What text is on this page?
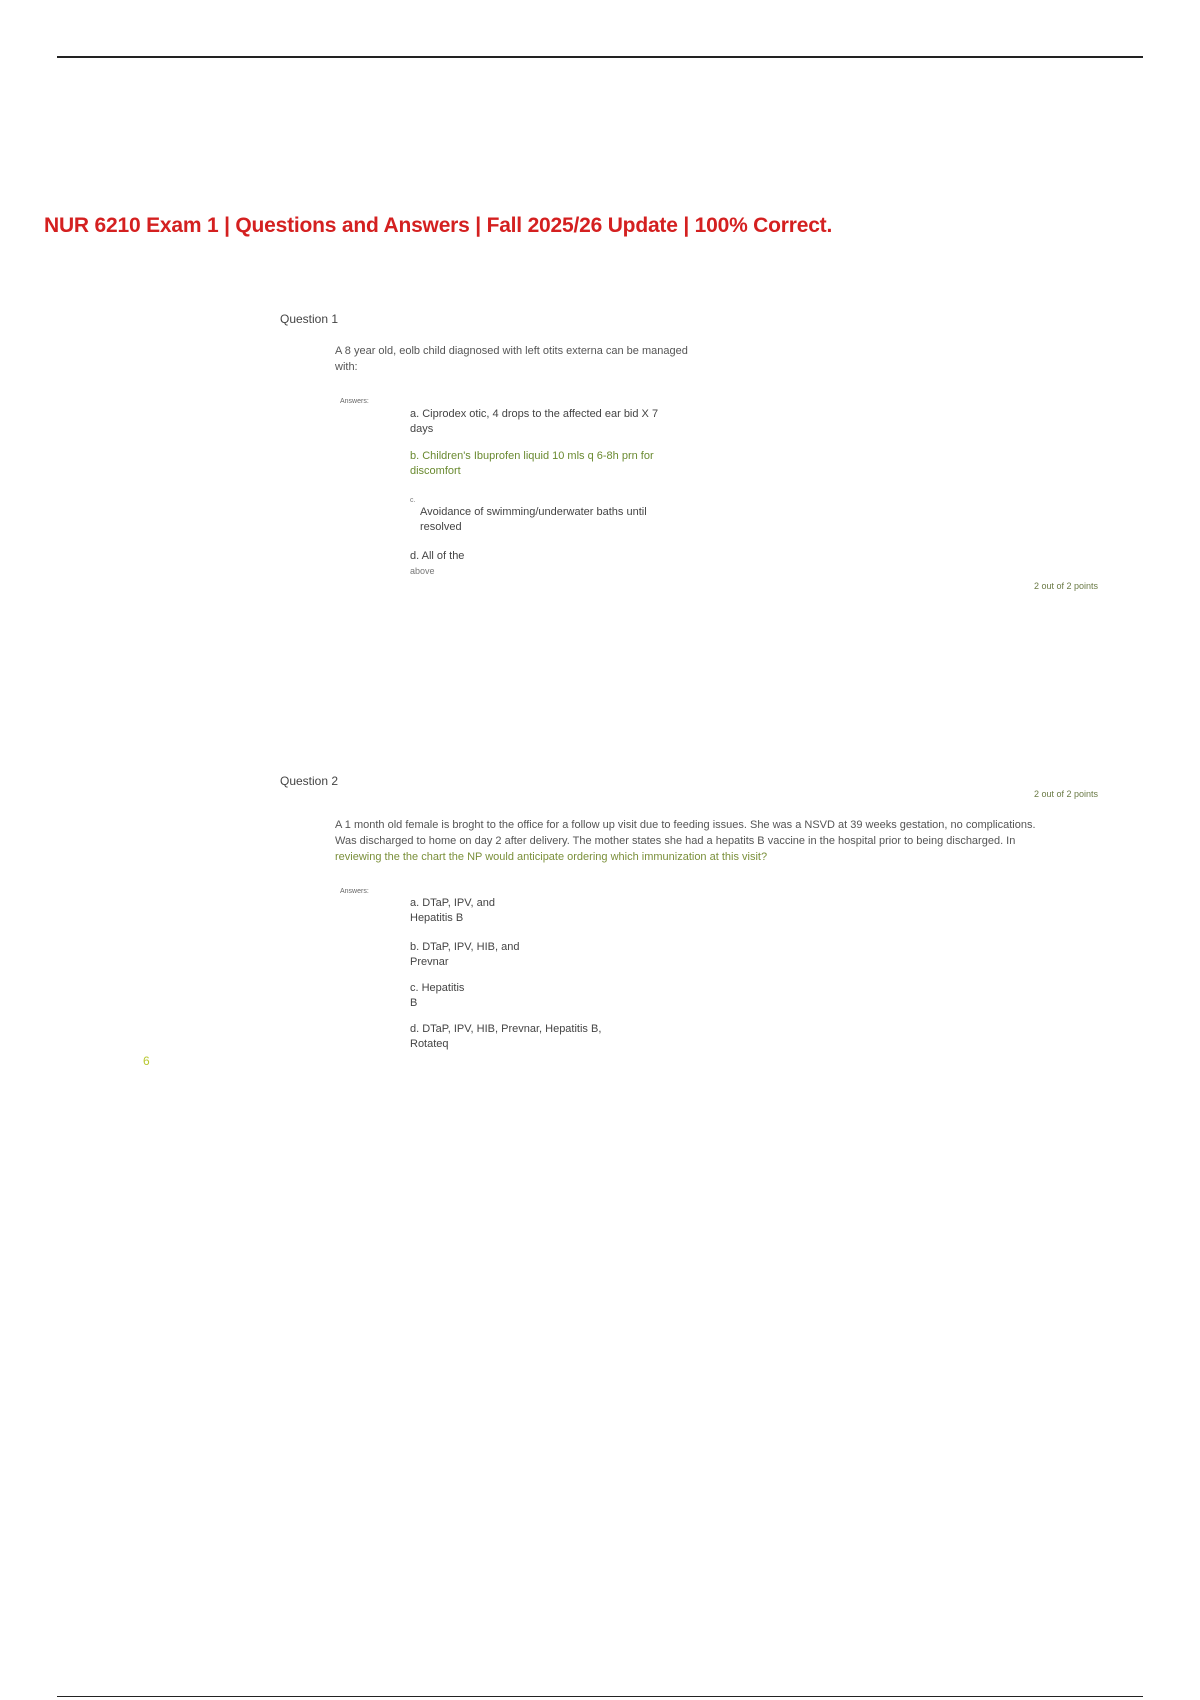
NUR 6210 Exam 1 | Questions and Answers | Fall 2025/26 Update | 100% Correct.
Question 1
A 8 year old, eolb child diagnosed with left otits externa can be managed
with:
Answers:
a. Ciprodex otic, 4 drops to the affected ear bid X 7
days
b. Children's Ibuprofen liquid 10 mls q 6-8h prn for
discomfort
c.
Avoidance of swimming/underwater baths until
resolved
d. All of the
above
2 out of 2 points
Question 2
2 out of 2 points
A 1 month old female is broght to the office for a follow up visit due to feeding issues. She was a NSVD at 39 weeks gestation, no complications.
Was discharged to home on day 2 after delivery. The mother states she had a hepatits B vaccine in the hospital prior to being discharged. In
reviewing the the chart the NP would anticipate ordering which immunization at this visit?
Answers:
a. DTaP, IPV, and
Hepatitis B
b. DTaP, IPV, HIB, and
Prevnar
c. Hepatitis
B
d. DTaP, IPV, HIB, Prevnar, Hepatitis B,
Rotateq
6
